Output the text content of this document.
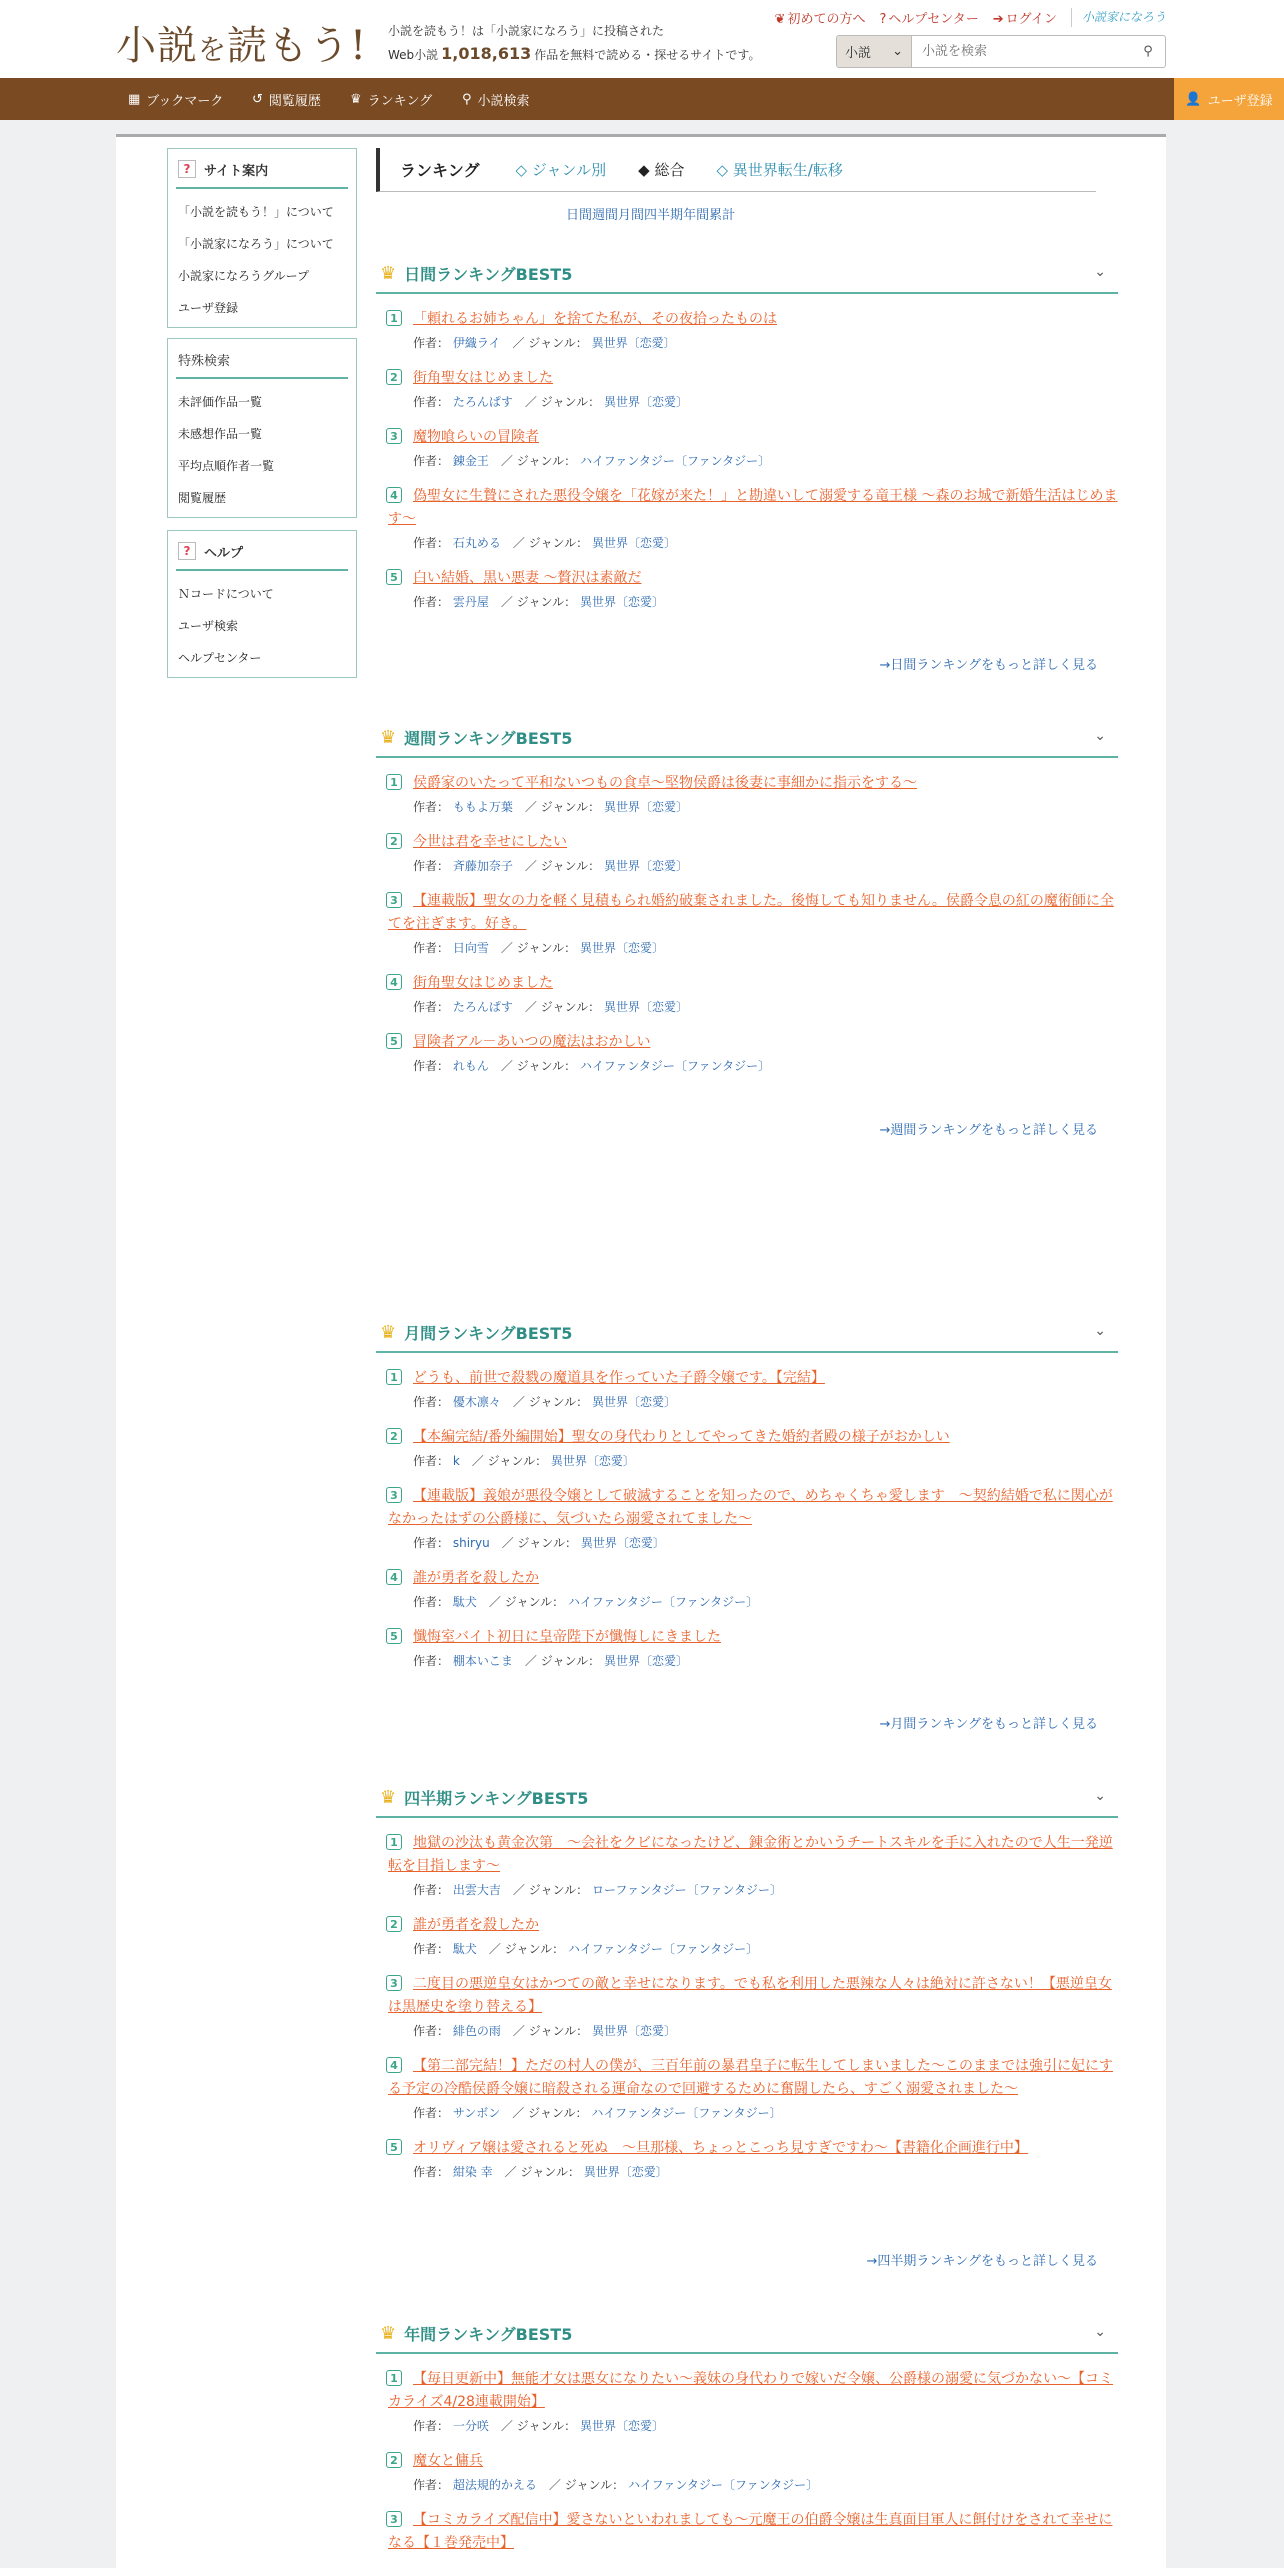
小説を読もう! 小説を読もう！は「小説家になろう」に投稿された
Web小説 1,018,613 作品を無料で読める・探せるサイトです。
❦ 初めての方へ ? ヘルプセンター ➔ ログイン	小説家になろう
小説 ⌄
小説を検索	⚲
▦ ブックマーク ↺ 閲覧履歴 ♛ ランキング ⚲ 小説検索	👤 ユーザ登録
?	サイト案内
「小説を読もう！」について
「小説家になろう」について
小説家になろうグループ
ユーザ登録
特殊検索
未評価作品一覧
未感想作品一覧
平均点順作者一覧
閲覧履歴
?	ヘルプ
Ｎコードについて
ユーザ検索
ヘルプセンター
ランキング ◇ ジャンル別 ◆ 総合 ◇ 異世界転生/転移
日間 週間 月間 四半期 年間 累計
♛ 日間ランキングBEST5	⌄
1	「頼れるお姉ちゃん」を捨てた私が、その夜拾ったものは
作者： 伊織ライ　／ ジャンル： 異世界〔恋愛〕
2	街角聖女はじめました
作者： たろんぱす　／ ジャンル： 異世界〔恋愛〕
3	魔物喰らいの冒険者
作者： 錬金王　／ ジャンル： ハイファンタジー〔ファンタジー〕
4	偽聖女に生贄にされた悪役令嬢を「花嫁が来た！」と勘違いして溺愛する竜王様 〜森のお城で新婚生活はじめます〜
作者： 石丸める　／ ジャンル： 異世界〔恋愛〕
5	白い結婚、黒い悪妻 〜贅沢は素敵だ
作者： 雲丹屋　／ ジャンル： 異世界〔恋愛〕
→日間ランキングをもっと詳しく見る
♛ 週間ランキングBEST5	⌄
1	侯爵家のいたって平和ないつもの食卓～堅物侯爵は後妻に事細かに指示をする～
作者： ももよ万葉　／ ジャンル： 異世界〔恋愛〕
2	今世は君を幸せにしたい
作者： 斉藤加奈子　／ ジャンル： 異世界〔恋愛〕
3	【連載版】聖女の力を軽く見積もられ婚約破棄されました。後悔しても知りません。侯爵令息の紅の魔術師に全てを注ぎます。好き。
作者： 日向雪　／ ジャンル： 異世界〔恋愛〕
4	街角聖女はじめました
作者： たろんぱす　／ ジャンル： 異世界〔恋愛〕
5	冒険者アル－あいつの魔法はおかしい
作者： れもん　／ ジャンル： ハイファンタジー〔ファンタジー〕
→週間ランキングをもっと詳しく見る
♛ 月間ランキングBEST5	⌄
1	どうも、前世で殺戮の魔道具を作っていた子爵令嬢です。【完結】
作者： 優木凛々　／ ジャンル： 異世界〔恋愛〕
2	【本編完結/番外編開始】聖女の身代わりとしてやってきた婚約者殿の様子がおかしい
作者： k　／ ジャンル： 異世界〔恋愛〕
3	【連載版】義娘が悪役令嬢として破滅することを知ったので、めちゃくちゃ愛します　～契約結婚で私に関心がなかったはずの公爵様に、気づいたら溺愛されてました～
作者： shiryu　／ ジャンル： 異世界〔恋愛〕
4	誰が勇者を殺したか
作者： 駄犬　／ ジャンル： ハイファンタジー〔ファンタジー〕
5	懺悔室バイト初日に皇帝陛下が懺悔しにきました
作者： 棚本いこま　／ ジャンル： 異世界〔恋愛〕
→月間ランキングをもっと詳しく見る
♛ 四半期ランキングBEST5	⌄
1	地獄の沙汰も黄金次第　～会社をクビになったけど、錬金術とかいうチートスキルを手に入れたので人生一発逆転を目指します～
作者： 出雲大吉　／ ジャンル： ローファンタジー〔ファンタジー〕
2	誰が勇者を殺したか
作者： 駄犬　／ ジャンル： ハイファンタジー〔ファンタジー〕
3	二度目の悪逆皇女はかつての敵と幸せになります。でも私を利用した悪辣な人々は絶対に許さない！【悪逆皇女は黒歴史を塗り替える】
作者： 緋色の雨　／ ジャンル： 異世界〔恋愛〕
4	【第二部完結！】ただの村人の僕が、三百年前の暴君皇子に転生してしまいました～このままでは強引に妃にする予定の冷酷侯爵令嬢に暗殺される運命なので回避するために奮闘したら、すごく溺愛されました～
作者： サンボン　／ ジャンル： ハイファンタジー〔ファンタジー〕
5	オリヴィア嬢は愛されると死ぬ　～旦那様、ちょっとこっち見すぎですわ～【書籍化企画進行中】
作者： 紺染 幸　／ ジャンル： 異世界〔恋愛〕
→四半期ランキングをもっと詳しく見る
♛ 年間ランキングBEST5	⌄
1	【毎日更新中】無能才女は悪女になりたい～義妹の身代わりで嫁いだ令嬢、公爵様の溺愛に気づかない～【コミカライズ4/28連載開始】
作者： 一分咲　／ ジャンル： 異世界〔恋愛〕
2	魔女と傭兵
作者： 超法規的かえる　／ ジャンル： ハイファンタジー〔ファンタジー〕
3	【コミカライズ配信中】愛さないといわれましても～元魔王の伯爵令嬢は生真面目軍人に餌付けをされて幸せになる【１巻発売中】
